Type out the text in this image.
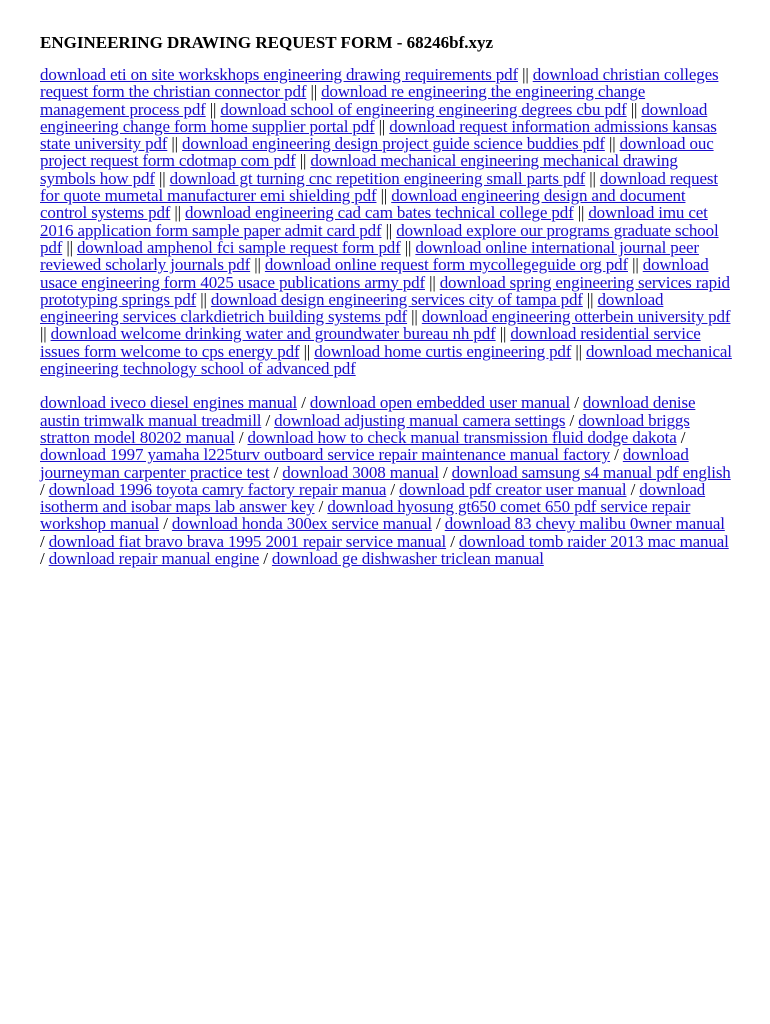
ENGINEERING DRAWING REQUEST FORM - 68246bf.xyz

download eti on site workskhops engineering drawing requirements pdf || download christian colleges request form the christian connector pdf || download re engineering the engineering change management process pdf || download school of engineering engineering degrees cbu pdf || download engineering change form home supplier portal pdf || download request information admissions kansas state university pdf || download engineering design project guide science buddies pdf || download ouc project request form cdotmap com pdf || download mechanical engineering mechanical drawing symbols how pdf || download gt turning cnc repetition engineering small parts pdf || download request for quote mumetal manufacturer emi shielding pdf || download engineering design and document control systems pdf || download engineering cad cam bates technical college pdf || download imu cet 2016 application form sample paper admit card pdf || download explore our programs graduate school pdf || download amphenol fci sample request form pdf || download online international journal peer reviewed scholarly journals pdf || download online request form mycollegeguide org pdf || download usace engineering form 4025 usace publications army pdf || download spring engineering services rapid prototyping springs pdf || download design engineering services city of tampa pdf || download engineering services clarkdietrich building systems pdf || download engineering otterbein university pdf || download welcome drinking water and groundwater bureau nh pdf || download residential service issues form welcome to cps energy pdf || download home curtis engineering pdf || download mechanical engineering technology school of advanced pdf

download iveco diesel engines manual / download open embedded user manual / download denise austin trimwalk manual treadmill / download adjusting manual camera settings / download briggs stratton model 80202 manual / download how to check manual transmission fluid dodge dakota / download 1997 yamaha l225turv outboard service repair maintenance manual factory / download journeyman carpenter practice test / download 3008 manual / download samsung s4 manual pdf english / download 1996 toyota camry factory repair manua / download pdf creator user manual / download isotherm and isobar maps lab answer key / download hyosung gt650 comet 650 pdf service repair workshop manual / download honda 300ex service manual / download 83 chevy malibu 0wner manual / download fiat bravo brava 1995 2001 repair service manual / download tomb raider 2013 mac manual / download repair manual engine / download ge dishwasher triclean manual
